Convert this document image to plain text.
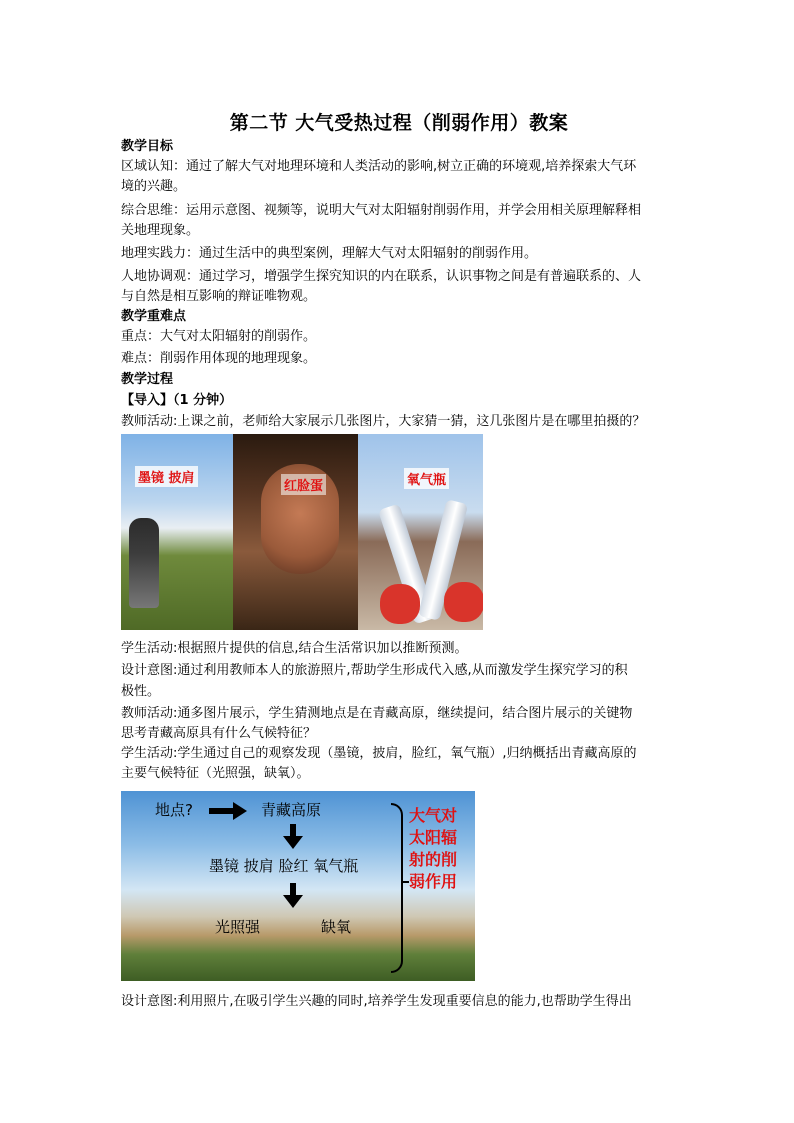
第二节 大气受热过程（削弱作用）教案
教学目标
区域认知：通过了解大气对地理环境和人类活动的影响,树立正确的环境观,培养探索大气环
境的兴趣。
综合思维：运用示意图、视频等，说明大气对太阳辐射削弱作用，并学会用相关原理解释相
关地理现象。
地理实践力：通过生活中的典型案例，理解大气对太阳辐射的削弱作用。
人地协调观：通过学习，增强学生探究知识的内在联系，认识事物之间是有普遍联系的、人
与自然是相互影响的辩证唯物观。
教学重难点
重点：大气对太阳辐射的削弱作。
难点：削弱作用体现的地理现象。
教学过程
【导入】（1 分钟）
教师活动:上课之前，老师给大家展示几张图片，大家猜一猜，这几张图片是在哪里拍摄的？
墨镜 披肩
红脸蛋	氧气瓶
学生活动:根据照片提供的信息,结合生活常识加以推断预测。
设计意图:通过利用教师本人的旅游照片,帮助学生形成代入感,从而激发学生探究学习的积
极性。
教师活动:通多图片展示，学生猜测地点是在青藏高原，继续提问，结合图片展示的关键物
思考青藏高原具有什么气候特征？
学生活动:学生通过自己的观察发现（墨镜，披肩，脸红，氧气瓶）,归纳概括出青藏高原的
主要气候特征（光照强，缺氧）。
地点?	青藏高原
墨镜 披肩 脸红 氧气瓶
光照强	缺氧
大气对太阳辐射的削弱作用
设计意图:利用照片,在吸引学生兴趣的同时,培养学生发现重要信息的能力,也帮助学生得出
